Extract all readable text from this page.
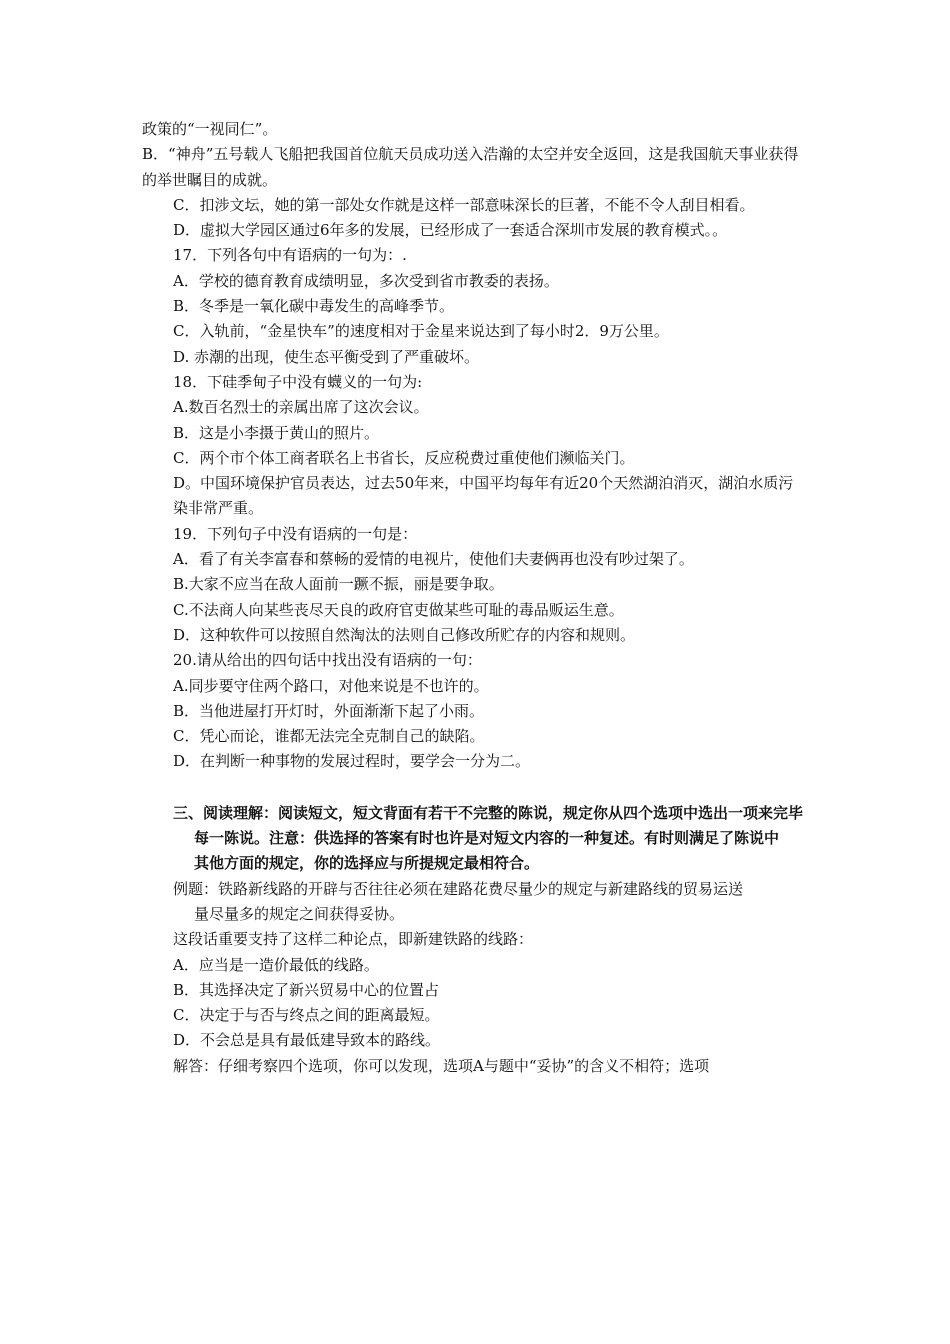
政策的“一视同仁”。
B．“神舟”五号载人飞船把我国首位航天员成功送入浩瀚的太空并安全返回，这是我国航天事业获得的举世瞩目的成就。
C．扣涉文坛，她的第一部处女作就是这样一部意味深长的巨著，不能不令人刮目相看。
D．虚拟大学园区通过6年多的发展，已经形成了一套适合深圳市发展的教育模式。。
17．下列各句中有语病的一句为：.
A．学校的德育教育成绩明显，多次受到省市教委的表扬。
B．冬季是一氧化碳中毒发生的高峰季节。
C．入轨前，“金星快车”的速度相对于金星来说达到了每小时2．9万公里。
D. 赤潮的出现，使生态平衡受到了严重破坏。
18．下硅季甸子中没有蠛义的一句为:
A.数百名烈士的亲属出席了这次会议。
B．这是小李摄于黄山的照片。
C．两个市个体工商者联名上书省长，反应税费过重使他们濒临关门。
D。中国环境保护官员表达，过去50年来，中国平均每年有近20个天然湖泊消灭，湖泊水质污
染非常严重。
19．下列句子中没有语病的一句是：
A．看了有关李富春和蔡畅的爱情的电视片，使他们夫妻俩再也没有吵过架了。
B.大家不应当在敌人面前一蹶不振，丽是要争取。
C.不法商人向某些丧尽天良的政府官吏做某些可耻的毒品贩运生意。
D．这种软件可以按照自然淘汰的法则自己修改所贮存的内容和规则。
20.请从给出的四句话中找出没有语病的一句：
A.同步要守住两个路口，对他来说是不也许的。
B．当他进屋打开灯时，外面渐渐下起了小雨。
C．凭心而论，谁都无法完全克制自己的缺陷。
D．在判断一种事物的发展过程时，要学会一分为二。
三、阅读理解：阅读短文，短文背面有若干不完整的陈说，规定你从四个选项中选出一项来完毕
每一陈说。注意：供选择的答案有时也许是对短文内容的一种复述。有时则满足了陈说中
其他方面的规定，你的选择应与所提规定最相符合。
例题：铁路新线路的开辟与否往往必须在建路花费尽量少的规定与新建路线的贸易运送
量尽量多的规定之间获得妥协。
这段话重要支持了这样二种论点，即新建铁路的线路：
A．应当是一造价最低的线路。
B．其选择决定了新兴贸易中心的位置占
C．决定于与否与终点之间的距离最短。
D．不会总是具有最低建导致本的路线。
解答：仔细考察四个选项，你可以发现，选项A与题中“妥协”的含义不相符；选项
